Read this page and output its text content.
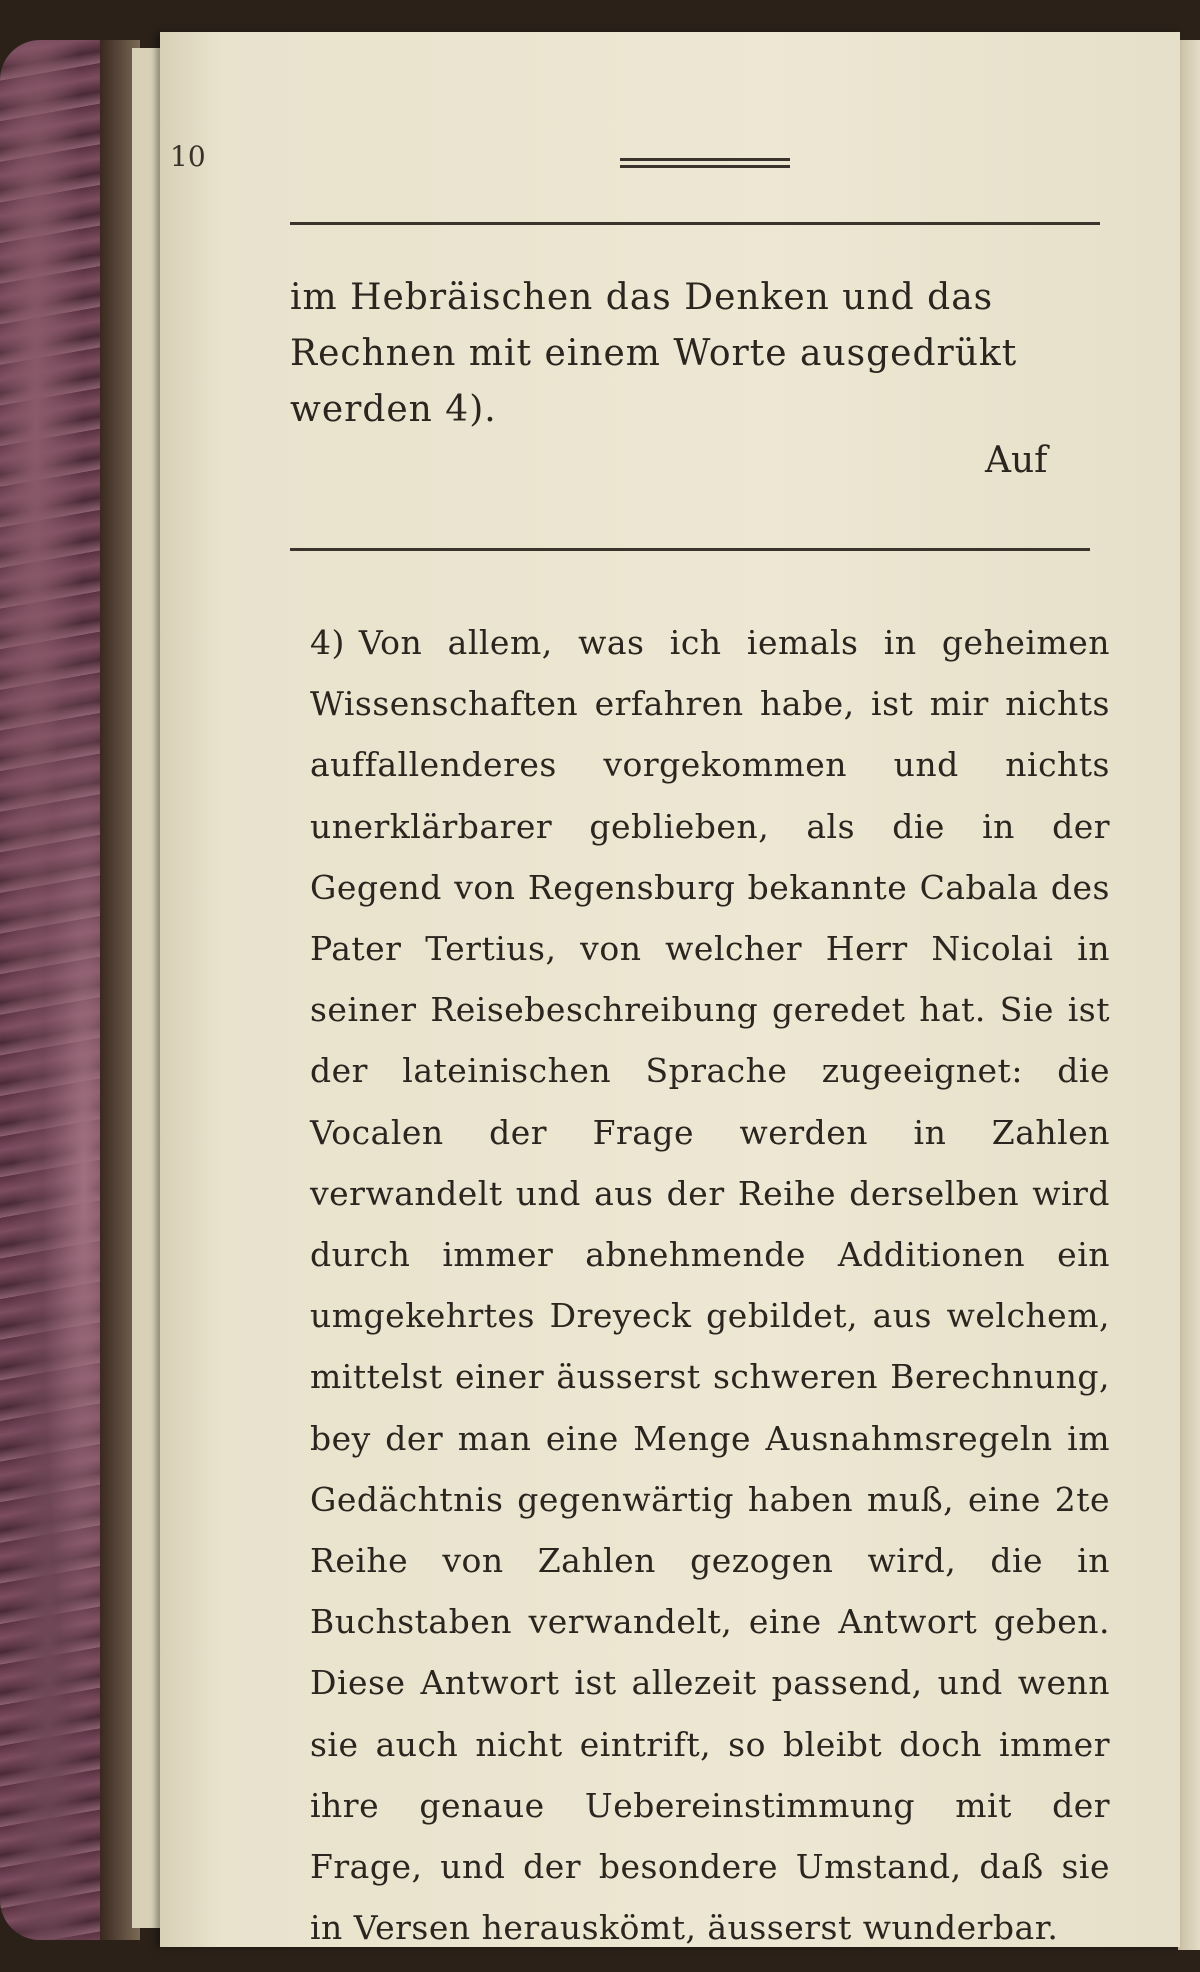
10

im Hebräischen das Denken und das Rechnen mit einem Worte ausgedrükt werden 4).

Auf
4) Von allem, was ich iemals in geheimen Wissenschaften erfahren habe, ist mir nichts auffallenderes vorgekommen und nichts unerklärbarer geblieben, als die in der Gegend von Regensburg bekannte Cabala des Pater Tertius, von welcher Herr Nicolai in seiner Reisebeschreibung geredet hat. Sie ist der lateinischen Sprache zugeeignet: die Vocalen der Frage werden in Zahlen verwandelt und aus der Reihe derselben wird durch immer abnehmende Additionen ein umgekehrtes Dreyeck gebildet, aus welchem, mittelst einer äusserst schweren Berechnung, bey der man eine Menge Ausnahmsregeln im Gedächtnis gegenwärtig haben muß, eine 2te Reihe von Zahlen gezogen wird, die in Buchstaben verwandelt, eine Antwort geben. Diese Antwort ist allezeit passend, und wenn sie auch nicht eintrift, so bleibt doch immer ihre genaue Uebereinstimmung mit der Frage, und der besondere Umstand, daß sie in Versen herauskömt, äusserst wunderbar.
